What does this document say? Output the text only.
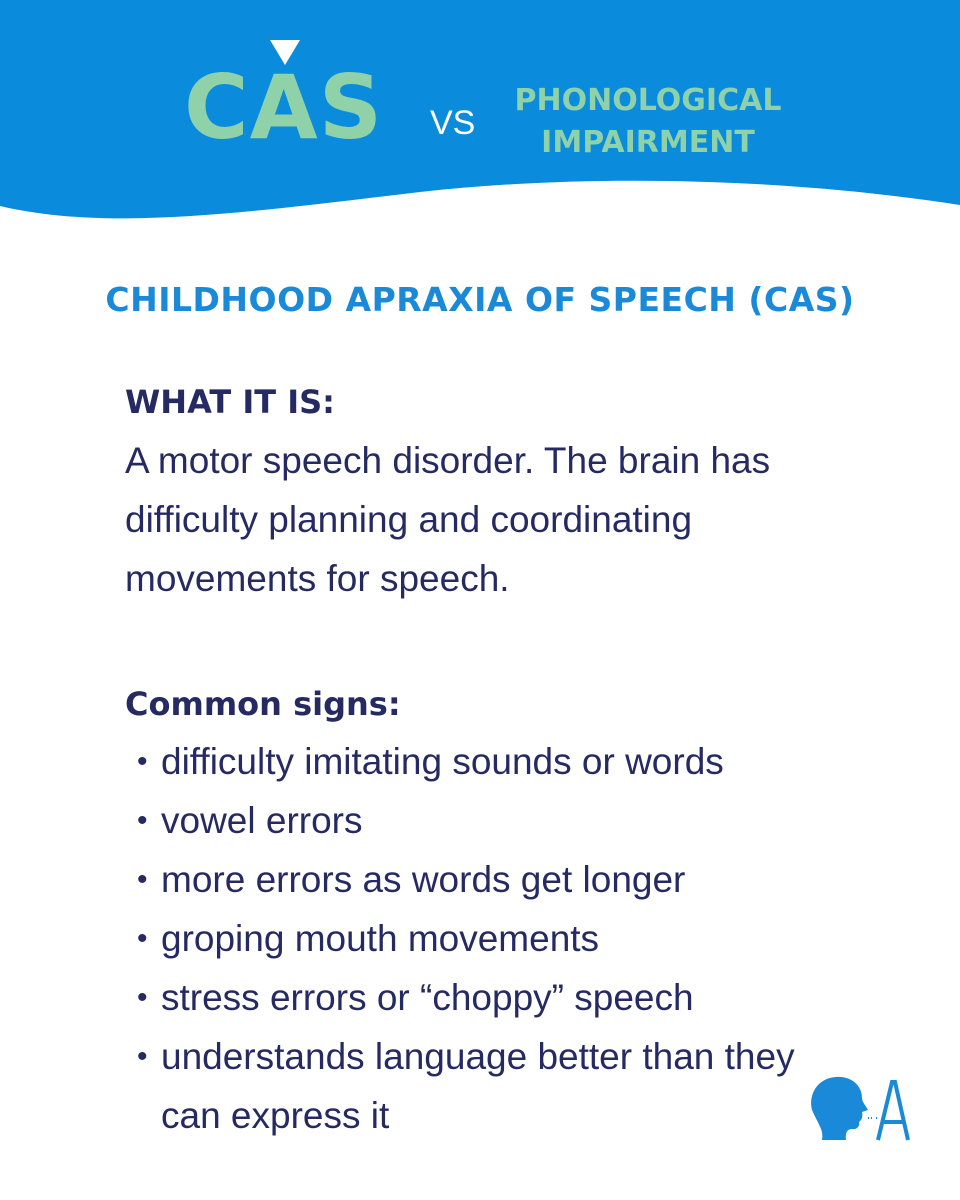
CAS VS
PHONOLOGICAL
IMPAIRMENT
CHILDHOOD APRAXIA OF SPEECH (CAS)

WHAT IT IS:

A motor speech disorder. The brain has difficulty planning and coordinating movements for speech.

Common signs:

• difficulty imitating sounds or words
• vowel errors
• more errors as words get longer
• groping mouth movements
• stress errors or “choppy” speech
• understands language better than they can express it
